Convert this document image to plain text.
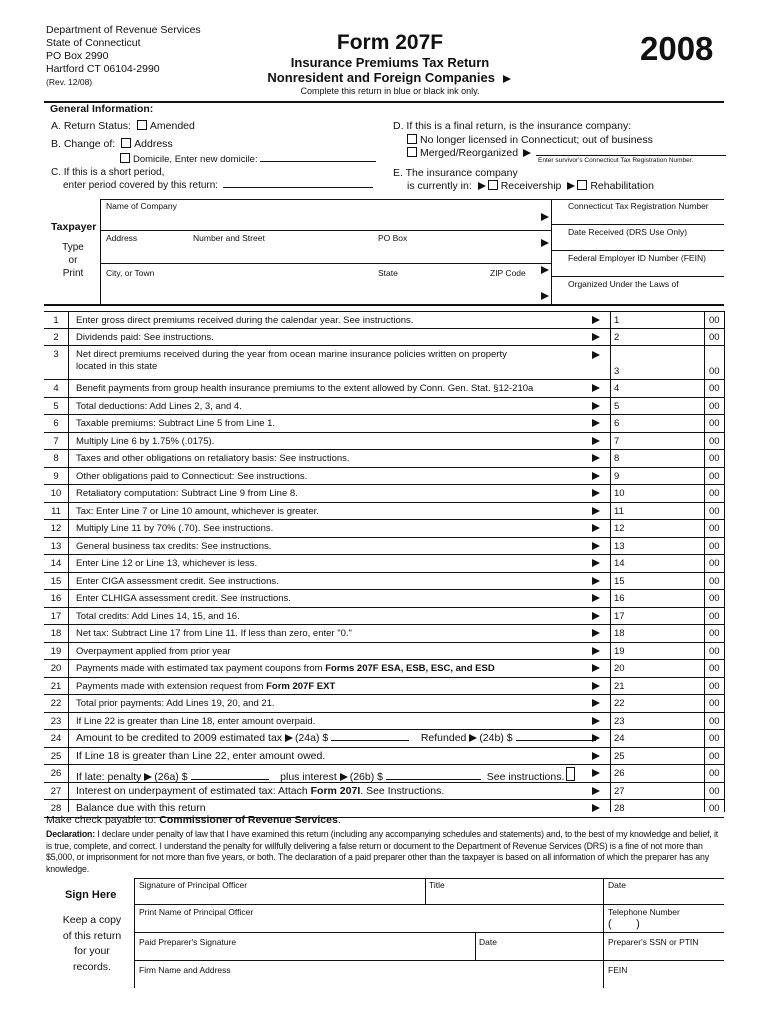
Department of Revenue Services
State of Connecticut
PO Box 2990
Hartford CT 06104-2990
(Rev. 12/08)
Form 207F
Insurance Premiums Tax Return
Nonresident and Foreign Companies
Complete this return in blue or black ink only.
2008
General Information:
A. Return Status: Amended
B. Change of: Address
Domicile, Enter new domicile:
C. If this is a short period,
enter period covered by this return:
D. If this is a final return, is the insurance company:
No longer licensed in Connecticut; out of business
Merged/Reorganized
Enter survivor's Connecticut Tax Registration Number.
E. The insurance company
is currently in:	Receivership	Rehabilitation
Taxpayer
Type
or
Print
Name of Company
Address	Number and Street	PO Box
City, or Town	State	ZIP Code
Connecticut Tax Registration Number
Date Received (DRS Use Only)
Federal Employer ID Number (FEIN)
Organized Under the Laws of
1	Enter gross direct premiums received during the calendar year. See instructions.	1	00
2	Dividends paid: See instructions.	2	00
3	Net direct premiums received during the year from ocean marine insurance policies written on property
located in this state	3	00
4	Benefit payments from group health insurance premiums to the extent allowed by Conn. Gen. Stat. §12-210a	4	00
5	Total deductions: Add Lines 2, 3, and 4.	5	00
6	Taxable premiums: Subtract Line 5 from Line 1.	6	00
7	Multiply Line 6 by 1.75% (.0175).	7	00
8	Taxes and other obligations on retaliatory basis: See instructions.	8	00
9	Other obligations paid to Connecticut: See instructions.	9	00
10	Retaliatory computation: Subtract Line 9 from Line 8.	10	00
11	Tax: Enter Line 7 or Line 10 amount, whichever is greater.	11	00
12	Multiply Line 11 by 70% (.70). See instructions.	12	00
13	General business tax credits: See instructions.	13	00
14	Enter Line 12 or Line 13, whichever is less.	14	00
15	Enter CIGA assessment credit. See instructions.	15	00
16	Enter CLHIGA assessment credit. See instructions.	16	00
17	Total credits: Add Lines 14, 15, and 16.	17	00
18	Net tax: Subtract Line 17 from Line 11. If less than zero, enter "0."	18	00
19	Overpayment applied from prior year	19	00
20	Payments made with estimated tax payment coupons from Forms 207F ESA, ESB, ESC, and ESD	20	00
21	Payments made with extension request from Form 207F EXT	21	00
22	Total prior payments: Add Lines 19, 20, and 21.	22	00
23	If Line 22 is greater than Line 18, enter amount overpaid.	23	00
24	Amount to be credited to 2009 estimated tax (24a) $	Refunded (24b) $	24	00
25	If Line 18 is greater than Line 22, enter amount owed.	25	00
26	If late: penalty (26a) $	plus interest (26b) $	See instructions.	26	00
27	Interest on underpayment of estimated tax: Attach Form 207I. See Instructions.	27	00
28	Balance due with this return	28	00
Make check payable to: Commissioner of Revenue Services.
Declaration: I declare under penalty of law that I have examined this return (including any accompanying schedules and statements) and, to the best of my knowledge and belief, it is true, complete, and correct. I understand the penalty for willfully delivering a false return or document to the Department of Revenue Services (DRS) is a fine of not more than $5,000, or imprisonment for not more than five years, or both. The declaration of a paid preparer other than the taxpayer is based on all information of which the preparer has any knowledge.
Sign Here
Keep a copy
of this return
for your
records.
Signature of Principal Officer	Title	Date
Print Name of Principal Officer	Telephone Number
(        )
Paid Preparer's Signature	Date	Preparer's SSN or PTIN
Firm Name and Address	FEIN
